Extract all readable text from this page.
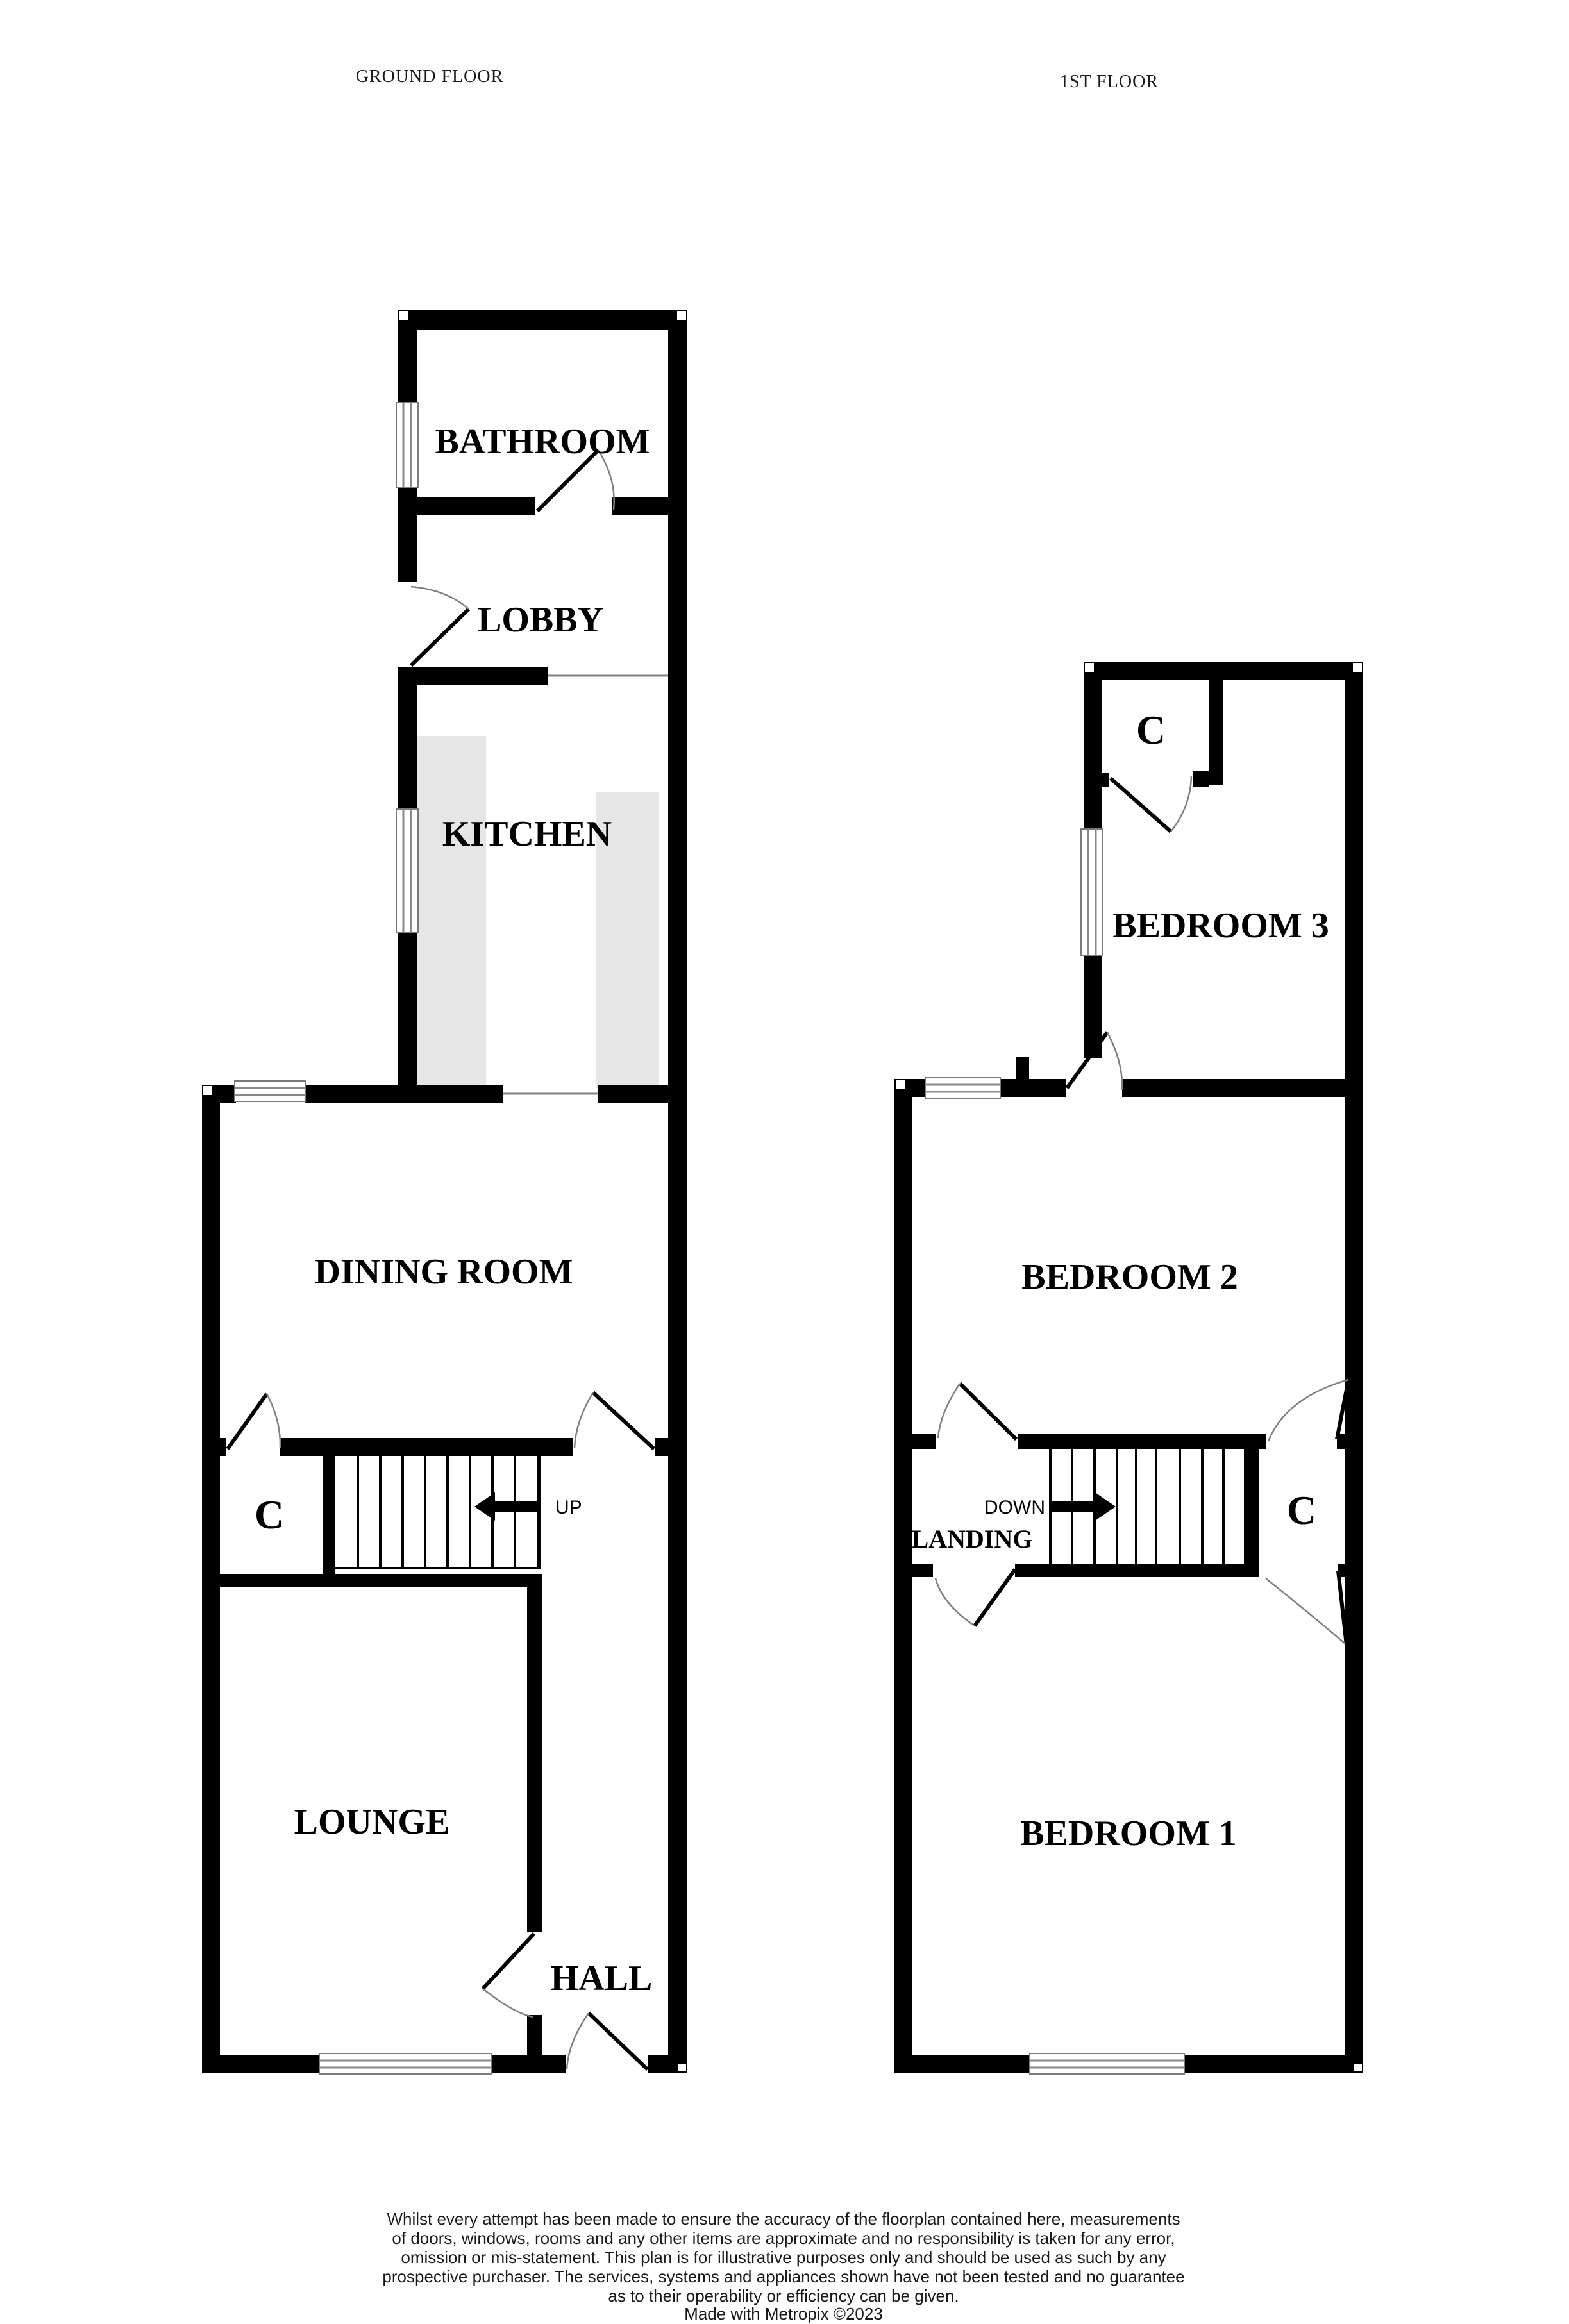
GROUND FLOOR	1ST FLOOR
UP
BATHROOM
LOBBY
KITCHEN
DINING ROOM
C
LOUNGE
HALL
DOWN
C
BEDROOM 3
BEDROOM 2
LANDING
C
BEDROOM 1
Whilst every attempt has been made to ensure the accuracy of the floorplan contained here, measurements
of doors, windows, rooms and any other items are approximate and no responsibility is taken for any error,
omission or mis-statement. This plan is for illustrative purposes only and should be used as such by any
prospective purchaser. The services, systems and appliances shown have not been tested and no guarantee
as to their operability or efficiency can be given.
Made with Metropix ©2023
